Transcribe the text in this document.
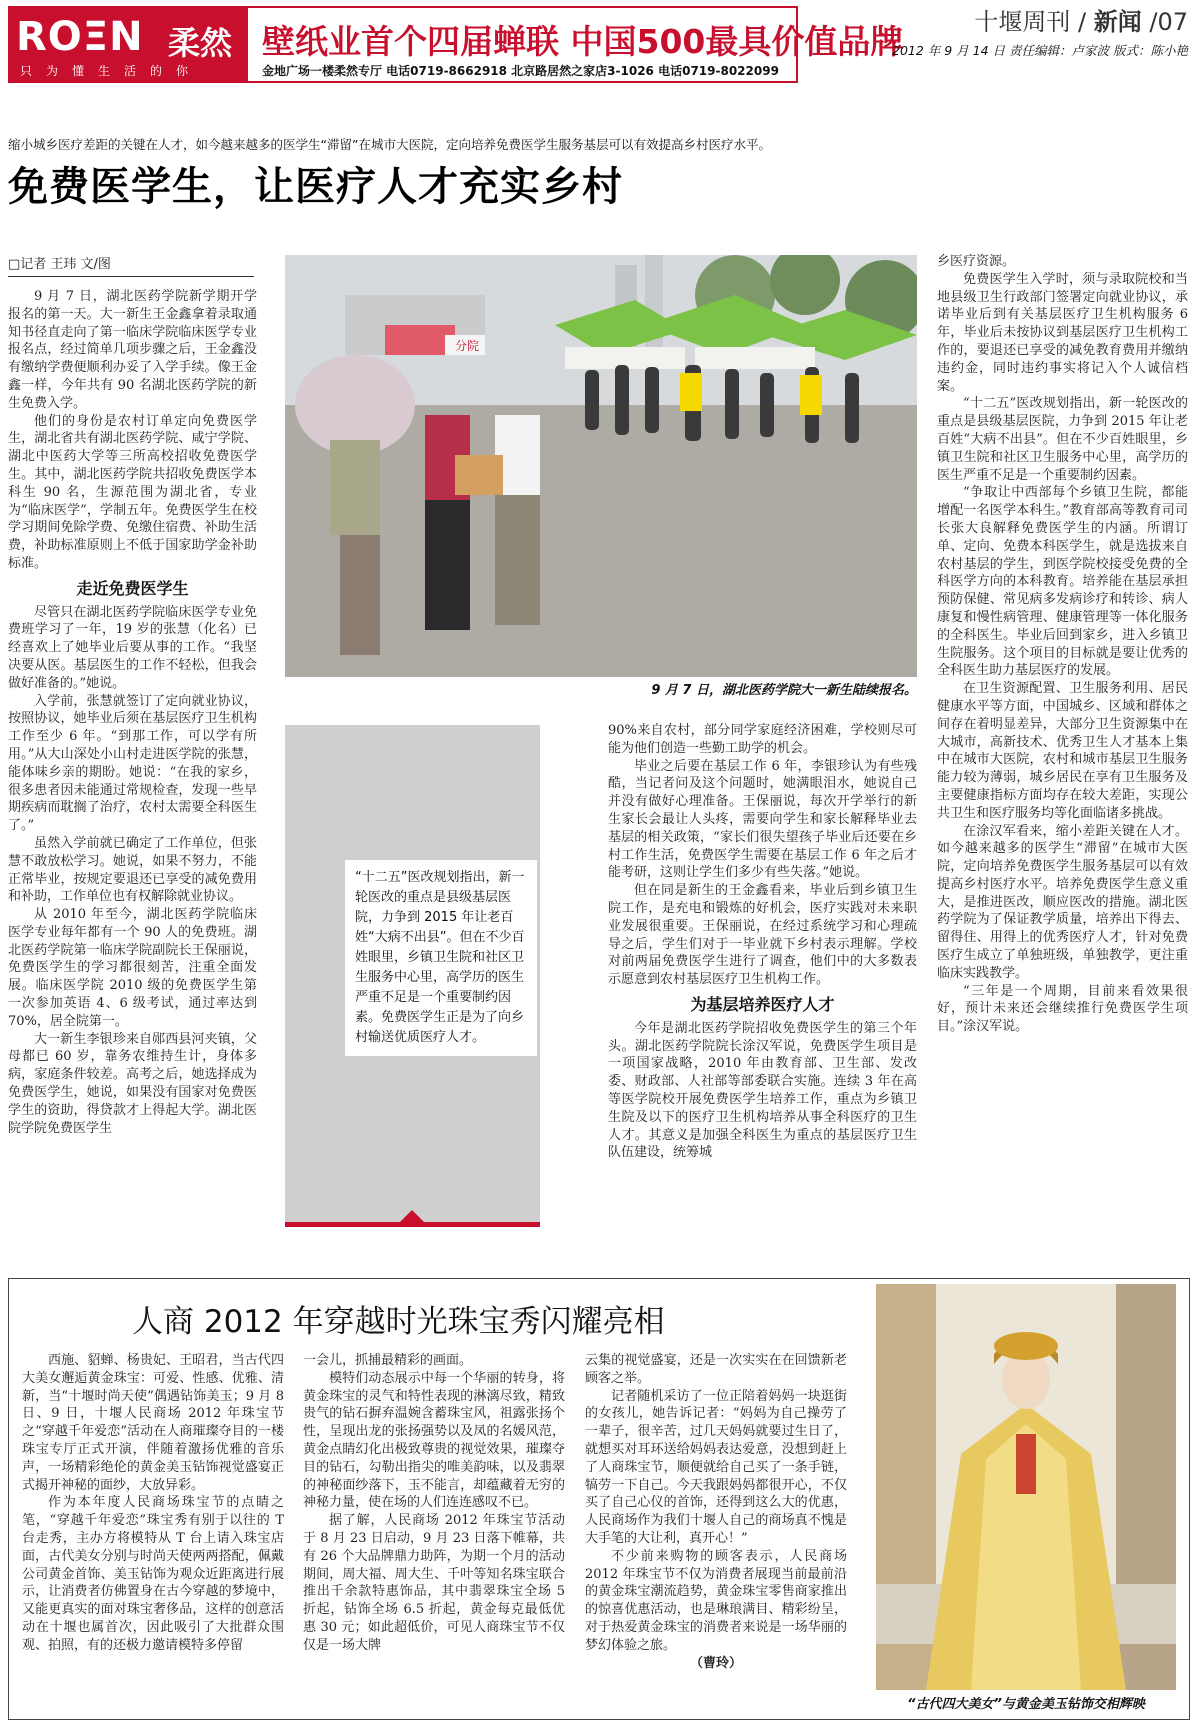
ROΞN 柔然
只为懂生活的你
壁纸业首个四届蝉联 中国500最具价值品牌
金地广场一楼柔然专厅 电话0719-8662918 北京路居然之家店3-1026 电话0719-8022099
十堰周刊 / 新闻 /07
2012 年 9 月 14 日 责任编辑：卢家波 版式：陈小艳
缩小城乡医疗差距的关键在人才，如今越来越多的医学生“滞留”在城市大医院，定向培养免费医学生服务基层可以有效提高乡村医疗水平。
免费医学生，让医疗人才充实乡村
□记者 王玮 文/图

9 月 7 日，湖北医药学院新学期开学报名的第一天。大一新生王金鑫拿着录取通知书径直走向了第一临床学院临床医学专业报名点，经过简单几项步骤之后，王金鑫没有缴纳学费便顺利办妥了入学手续。像王金鑫一样，今年共有 90 名湖北医药学院的新生免费入学。

他们的身份是农村订单定向免费医学生，湖北省共有湖北医药学院、咸宁学院、湖北中医药大学等三所高校招收免费医学生。其中，湖北医药学院共招收免费医学本科生 90 名，生源范围为湖北省，专业为“临床医学”，学制五年。免费医学生在校学习期间免除学费、免缴住宿费、补助生活费，补助标准原则上不低于国家助学金补助标准。

走近免费医学生

尽管只在湖北医药学院临床医学专业免费班学习了一年，19 岁的张慧（化名）已经喜欢上了她毕业后要从事的工作。“我坚决要从医。基层医生的工作不轻松，但我会做好准备的。”她说。

入学前，张慧就签订了定向就业协议，按照协议，她毕业后须在基层医疗卫生机构工作至少 6 年。“到那工作，可以学有所用。”从大山深处小山村走进医学院的张慧，能体味乡亲的期盼。她说：“在我的家乡，很多患者因未能通过常规检查，发现一些早期疾病而耽搁了治疗，农村太需要全科医生了。”

虽然入学前就已确定了工作单位，但张慧不敢放松学习。她说，如果不努力，不能正常毕业，按规定要退还已享受的减免费用和补助，工作单位也有权解除就业协议。

从 2010 年至今，湖北医药学院临床医学专业每年都有一个 90 人的免费班。湖北医药学院第一临床学院副院长王保丽说，免费医学生的学习都很刻苦，注重全面发展。临床医学院 2010 级的免费医学生第一次参加英语 4、6 级考试，通过率达到 70%，居全院第一。

大一新生李银珍来自郧西县河夹镇，父母都已 60 岁，靠务农维持生计，身体多病，家庭条件较差。高考之后，她选择成为免费医学生，她说，如果没有国家对免费医学生的资助，得贷款才上得起大学。湖北医院学院免费医学生

分院
9 月 7 日，湖北医药学院大一新生陆续报名。
“十二五”医改规划指出，新一轮医改的重点是县级基层医院，力争到 2015 年让老百姓“大病不出县”。但在不少百姓眼里，乡镇卫生院和社区卫生服务中心里，高学历的医生严重不足是一个重要制约因素。免费医学生正是为了向乡村输送优质医疗人才。

90%来自农村，部分同学家庭经济困难，学校则尽可能为他们创造一些勤工助学的机会。

毕业之后要在基层工作 6 年，李银珍认为有些残酷，当记者问及这个问题时，她满眼泪水，她说自己并没有做好心理准备。王保丽说，每次开学举行的新生家长会最让人头疼，需要向学生和家长解释毕业去基层的相关政策，“家长们很失望孩子毕业后还要在乡村工作生活，免费医学生需要在基层工作 6 年之后才能考研，这则让学生们多少有些失落。”她说。

但在同是新生的王金鑫看来，毕业后到乡镇卫生院工作，是充电和锻炼的好机会，医疗实践对未来职业发展很重要。王保丽说，在经过系统学习和心理疏导之后，学生们对于一毕业就下乡村表示理解。学校对前两届免费医学生进行了调查，他们中的大多数表示愿意到农村基层医疗卫生机构工作。

为基层培养医疗人才

今年是湖北医药学院招收免费医学生的第三个年头。湖北医药学院院长涂汉军说，免费医学生项目是一项国家战略，2010 年由教育部、卫生部、发改委、财政部、人社部等部委联合实施。连续 3 年在高等医学院校开展免费医学生培养工作，重点为乡镇卫生院及以下的医疗卫生机构培养从事全科医疗的卫生人才。其意义是加强全科医生为重点的基层医疗卫生队伍建设，统筹城

乡医疗资源。

免费医学生入学时，须与录取院校和当地县级卫生行政部门签署定向就业协议，承诺毕业后到有关基层医疗卫生机构服务 6 年，毕业后未按协议到基层医疗卫生机构工作的，要退还已享受的减免教育费用并缴纳违约金，同时违约事实将记入个人诚信档案。

“十二五”医改规划指出，新一轮医改的重点是县级基层医院，力争到 2015 年让老百姓“大病不出县”。但在不少百姓眼里，乡镇卫生院和社区卫生服务中心里，高学历的医生严重不足是一个重要制约因素。

“争取让中西部每个乡镇卫生院，都能增配一名医学本科生。”教育部高等教育司司长张大良解释免费医学生的内涵。所谓订单、定向、免费本科医学生，就是选拔来自农村基层的学生，到医学院校接受免费的全科医学方向的本科教育。培养能在基层承担预防保健、常见病多发病诊疗和转诊、病人康复和慢性病管理、健康管理等一体化服务的全科医生。毕业后回到家乡，进入乡镇卫生院服务。这个项目的目标就是要让优秀的全科医生助力基层医疗的发展。

在卫生资源配置、卫生服务利用、居民健康水平等方面，中国城乡、区域和群体之间存在着明显差异，大部分卫生资源集中在大城市，高新技术、优秀卫生人才基本上集中在城市大医院，农村和城市基层卫生服务能力较为薄弱，城乡居民在享有卫生服务及主要健康指标方面均存在较大差距，实现公共卫生和医疗服务均等化面临诸多挑战。

在涂汉军看来，缩小差距关键在人才。如今越来越多的医学生“滞留”在城市大医院，定向培养免费医学生服务基层可以有效提高乡村医疗水平。培养免费医学生意义重大，是推进医改，顺应医改的措施。湖北医药学院为了保证教学质量，培养出下得去、留得住、用得上的优秀医疗人才，针对免费医疗生成立了单独班级，单独教学，更注重临床实践教学。

“三年是一个周期，目前来看效果很好，预计未来还会继续推行免费医学生项目。”涂汉军说。

人商 2012 年穿越时光珠宝秀闪耀亮相

西施、貂蝉、杨贵妃、王昭君，当古代四大美女邂逅黄金珠宝：可爱、性感、优雅、清新，当“十堰时尚天使”偶遇钻饰美玉；9 月 8 日、9 日，十堰人民商场 2012 年珠宝节之“穿越千年爱恋”活动在人商璀璨夺目的一楼珠宝专厅正式开演，伴随着激扬优雅的音乐声，一场精彩绝伦的黄金美玉钻饰视觉盛宴正式揭开神秘的面纱，大放异彩。

作为本年度人民商场珠宝节的点睛之笔，“穿越千年爱恋”珠宝秀有别于以往的 T 台走秀，主办方将模特从 T 台上请入珠宝店面，古代美女分别与时尚天使两两搭配，佩戴公司黄金首饰、美玉钻饰为观众近距离进行展示，让消费者仿佛置身在古今穿越的梦境中，又能更真实的面对珠宝奢侈品，这样的创意活动在十堰也属首次，因此吸引了大批群众围观、拍照，有的还极力邀请模特多停留

一会儿，抓捕最精彩的画面。

模特们动态展示中每一个华丽的转身，将黄金珠宝的灵气和特性表现的淋漓尽致，精致贵气的钻石摒弃温婉含蓄珠宝风，祖露张扬个性，呈现出龙的张扬强势以及凤的名媛风范，黄金点睛幻化出极致尊贵的视觉效果，璀璨夺目的钻石，勾勒出指尖的唯美韵味，以及翡翠的神秘面纱落下，玉不能言，却蕴藏着无穷的神秘力量，使在场的人们连连感叹不已。

据了解，人民商场 2012 年珠宝节活动于 8 月 23 日启动，9 月 23 日落下帷幕，共有 26 个大品牌鼎力助阵，为期一个月的活动期间，周大福、周大生、千叶等知名珠宝联合推出千余款特惠饰品，其中翡翠珠宝全场 5 折起，钻饰全场 6.5 折起，黄金每克最低优惠 30 元；如此超低价，可见人商珠宝节不仅仅是一场大牌

云集的视觉盛宴，还是一次实实在在回馈新老顾客之举。

记者随机采访了一位正陪着妈妈一块逛街的女孩儿，她告诉记者：“妈妈为自己操劳了一辈子，很辛苦，过几天妈妈就要过生日了，就想买对耳环送给妈妈表达爱意，没想到赶上了人商珠宝节，顺便就给自己买了一条手链，犒劳一下自己。今天我跟妈妈都很开心，不仅买了自己心仪的首饰，还得到这么大的优惠，人民商场作为我们十堰人自己的商场真不愧是大手笔的大让利，真开心！”

不少前来购物的顾客表示，人民商场 2012 年珠宝节不仅为消费者展现当前最前沿的黄金珠宝潮流趋势，黄金珠宝零售商家推出的惊喜优惠活动，也是琳琅满目、精彩纷呈，对于热爱黄金珠宝的消费者来说是一场华丽的梦幻体验之旅。

（曹玲）

“古代四大美女”与黄金美玉钻饰交相辉映
